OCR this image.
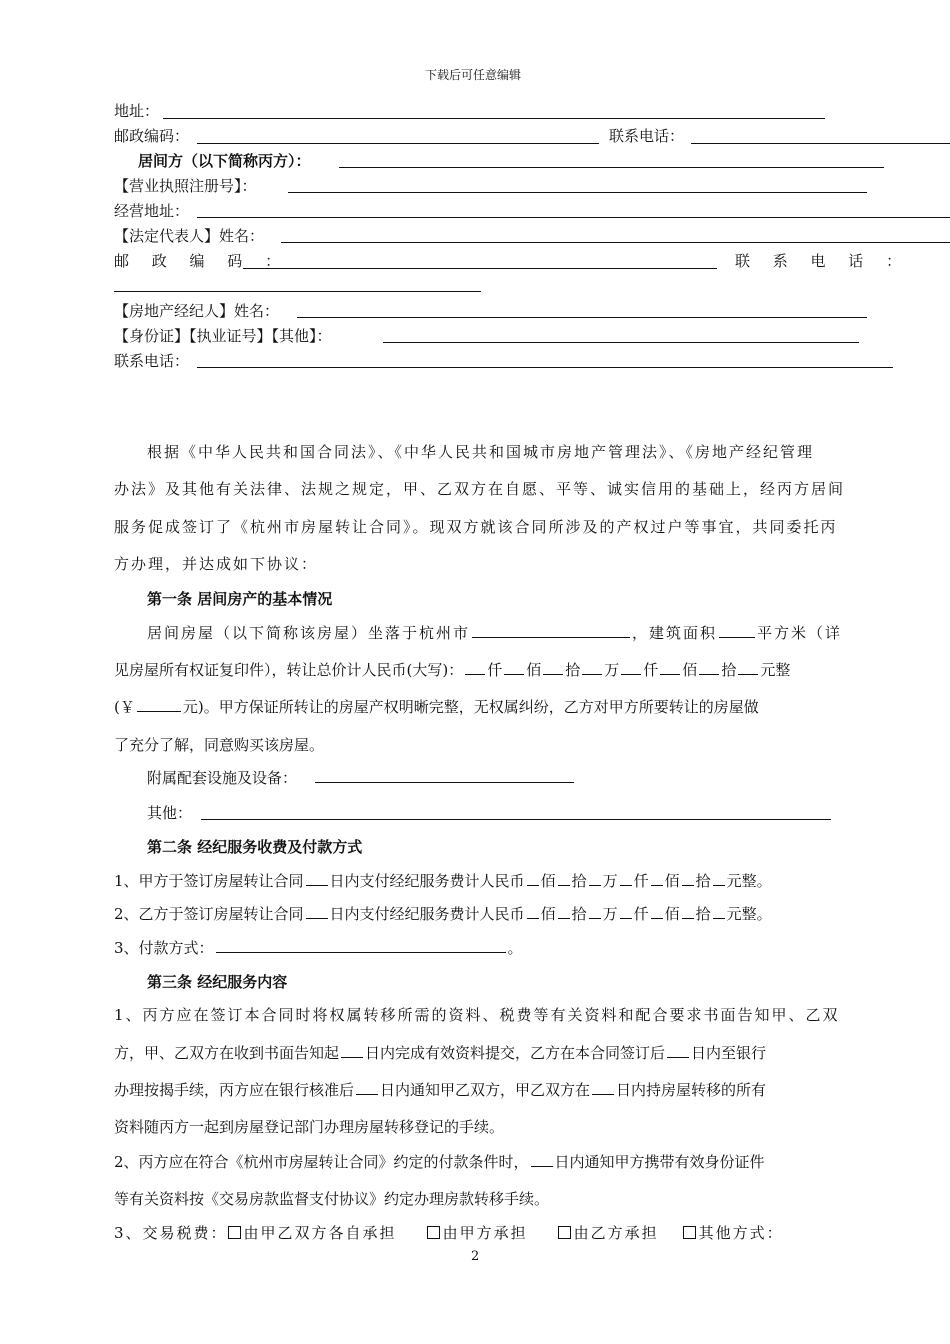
下载后可任意编辑
地址：
邮政编码：	联系电话：
居间方（以下简称丙方）：
【营业执照注册号】：
经营地址：
【法定代表人】姓名：
邮 政 编 码 ：	联 系 电 话 ：
【房地产经纪人】姓名：
【身份证】【执业证号】【其他】：
联系电话：
根据《中华人民共和国合同法》、《中华人民共和国城市房地产管理法》、《房地产经纪管理
办法》及其他有关法律、法规之规定，甲、乙双方在自愿、平等、诚实信用的基础上，经丙方居间
服务促成签订了《杭州市房屋转让合同》。现双方就该合同所涉及的产权过户等事宜，共同委托丙
方办理，并达成如下协议：
第一条 居间房产的基本情况
居间房屋（以下简称该房屋）坐落于杭州市	，建筑面积	平方米（详
见房屋所有权证复印件），转让总价计人民币(大写)： 仟 佰 拾 万 仟 佰 拾 元整
(￥	元)。甲方保证所转让的房屋产权明晰完整，无权属纠纷，乙方对甲方所要转让的房屋做
了充分了解，同意购买该房屋。
附属配套设施及设备：
其他：
第二条 经纪服务收费及付款方式
1、甲方于签订房屋转让合同 日内支付经纪服务费计人民币 佰 拾 万 仟 佰 拾 元整。
2、乙方于签订房屋转让合同 日内支付经纪服务费计人民币 佰 拾 万 仟 佰 拾 元整。
3、付款方式：	。
第三条 经纪服务内容
1、丙方应在签订本合同时将权属转移所需的资料、税费等有关资料和配合要求书面告知甲、乙双
方，甲、乙双方在收到书面告知起 日内完成有效资料提交，乙方在本合同签订后 日内至银行
办理按揭手续，丙方应在银行核准后 日内通知甲乙双方，甲乙双方在 日内持房屋转移的所有
资料随丙方一起到房屋登记部门办理房屋转移登记的手续。
2、丙方应在符合《杭州市房屋转让合同》约定的付款条件时， 日内通知甲方携带有效身份证件
等有关资料按《交易房款监督支付协议》约定办理房款转移手续。
3、交易税费： 由甲乙双方各自承担	由甲方承担	由乙方承担	其他方式：
2
